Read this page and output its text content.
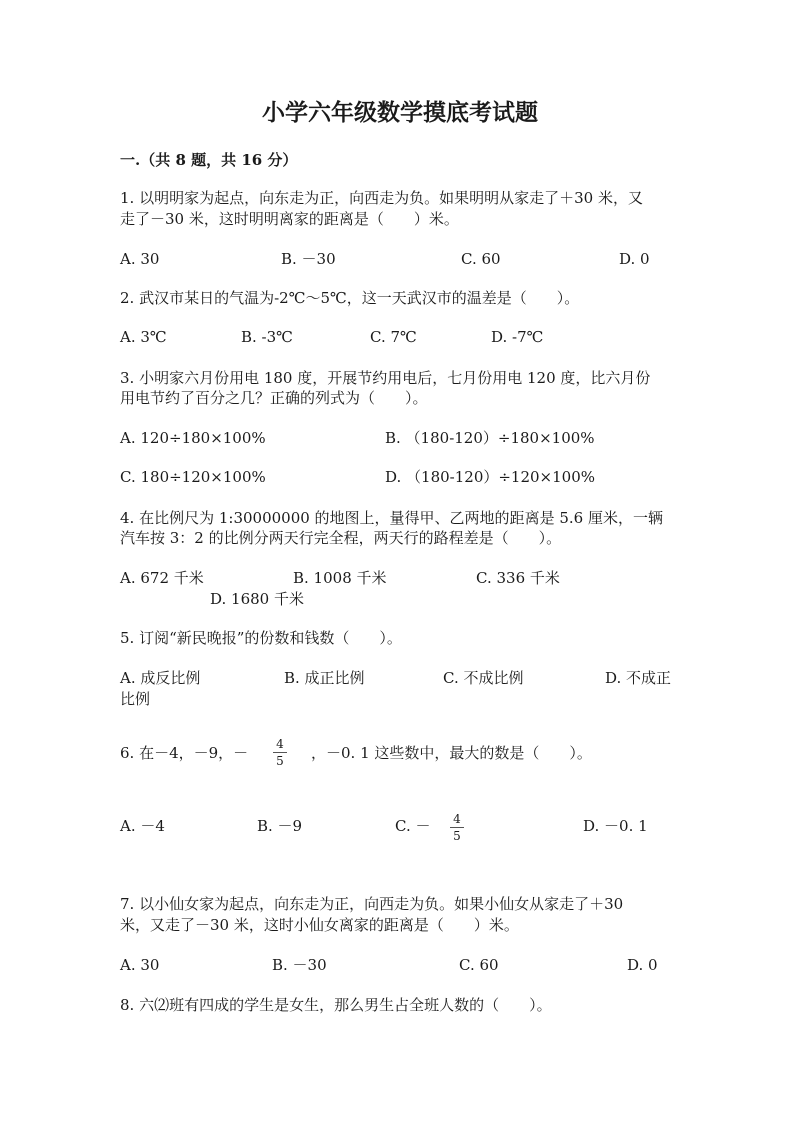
小学六年级数学摸底考试题
一.（共 8 题，共 16 分）
1. 以明明家为起点，向东走为正，向西走为负。如果明明从家走了＋30 米，又
走了－30 米，这时明明离家的距离是（　　）米。
A. 30	B. －30	C. 60	D. 0
2. 武汉市某日的气温为-2℃～5℃，这一天武汉市的温差是（　　）。
A. 3℃	B. -3℃	C. 7℃	D. -7℃
3. 小明家六月份用电 180 度，开展节约用电后，七月份用电 120 度，比六月份
用电节约了百分之几？正确的列式为（　　）。
A. 120÷180×100%	B. （180-120）÷180×100%
C. 180÷120×100%	D. （180-120）÷120×100%
4. 在比例尺为 1:30000000 的地图上，量得甲、乙两地的距离是 5.6 厘米，一辆
汽车按 3：2 的比例分两天行完全程，两天行的路程差是（　　）。
A. 672 千米	B. 1008 千米	C. 336 千米
D. 1680 千米
5. 订阅“新民晚报”的份数和钱数（　　）。
A. 成反比例	B. 成正比例	C. 不成比例	D. 不成正
比例
6. 在－4，－9，－ $\frac{4}{5}$ ，－0. 1 这些数中，最大的数是（　　）。
A. －4	B. －9	C. － $\frac{4}{5}$	D. －0. 1
7. 以小仙女家为起点，向东走为正，向西走为负。如果小仙女从家走了＋30
米，又走了－30 米，这时小仙女离家的距离是（　　）米。
A. 30	B. －30	C. 60	D. 0
8. 六⑵班有四成的学生是女生，那么男生占全班人数的（　　）。
